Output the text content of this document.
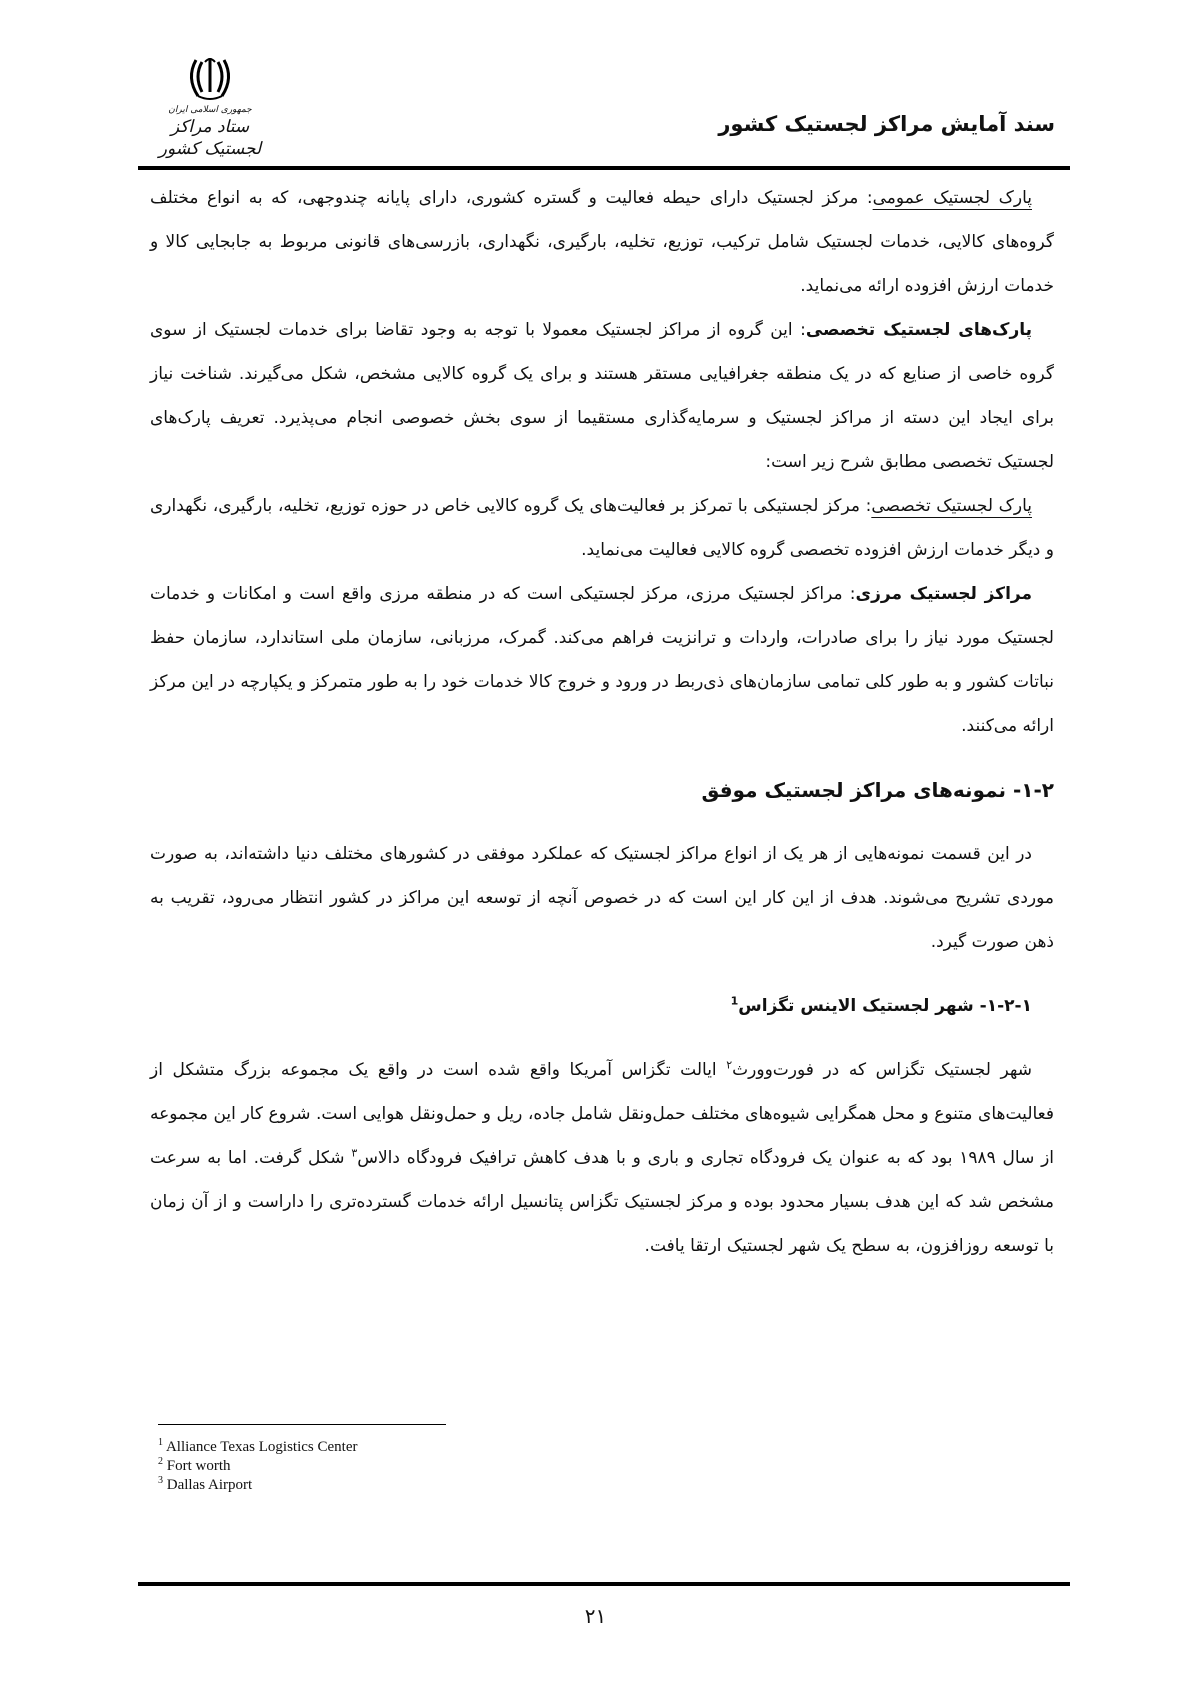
جمهوری اسلامی ایران
ستاد مراکز لجستیک کشور
سند آمایش مراکز لجستیک کشور

پارک لجستیک عمومی: مرکز لجستیک دارای حیطه فعالیت و گستره کشوری، دارای پایانه چندوجهی، که به انواع مختلف گروه‌های کالایی، خدمات لجستیک شامل ترکیب، توزیع، تخلیه، بارگیری، نگهداری، بازرسی‌های قانونی مربوط به جابجایی کالا و خدمات ارزش افزوده ارائه می‌نماید.

پارک‌های لجستیک تخصصی: این گروه از مراکز لجستیک معمولا با توجه به وجود تقاضا برای خدمات لجستیک از سوی گروه خاصی از صنایع که در یک منطقه جغرافیایی مستقر هستند و برای یک گروه کالایی مشخص، شکل می‌گیرند. شناخت نیاز برای ایجاد این دسته از مراکز لجستیک و سرمایه‌گذاری مستقیما از سوی بخش خصوصی انجام می‌پذیرد. تعریف پارک‌های لجستیک تخصصی مطابق شرح زیر است:

پارک لجستیک تخصصی: مرکز لجستیکی با تمرکز بر فعالیت‌های یک گروه کالایی خاص در حوزه توزیع، تخلیه، بارگیری، نگهداری و دیگر خدمات ارزش افزوده تخصصی گروه کالایی فعالیت می‌نماید.

مراکز لجستیک مرزی: مراکز لجستیک مرزی، مرکز لجستیکی است که در منطقه مرزی واقع است و امکانات و خدمات لجستیک مورد نیاز را برای صادرات، واردات و ترانزیت فراهم می‌کند. گمرک، مرزبانی، سازمان ملی استاندارد، سازمان حفظ نباتات کشور و به طور کلی تمامی سازمان‌های ذی‌ربط در ورود و خروج کالا خدمات خود را به طور متمرکز و یکپارچه در این مرکز ارائه می‌کنند.

۱-۲- نمونه‌های مراکز لجستیک موفق

در این قسمت نمونه‌هایی از هر یک از انواع مراکز لجستیک که عملکرد موفقی در کشورهای مختلف دنیا داشته‌اند، به صورت موردی تشریح می‌شوند. هدف از این کار این است که در خصوص آنچه از توسعه این مراکز در کشور انتظار می‌رود، تقریب به ذهن صورت گیرد.

۱-۲-۱- شهر لجستیک الاینس تگزاس$^1$

شهر لجستیک تگزاس که در فورت‌وورث$^۲$ ایالت تگزاس آمریکا واقع شده است در واقع یک مجموعه بزرگ متشکل از فعالیت‌های متنوع و محل همگرایی شیوه‌های مختلف حمل‌ونقل شامل جاده، ریل و حمل‌ونقل هوایی است. شروع کار این مجموعه از سال ۱۹۸۹ بود که به عنوان یک فرودگاه تجاری و باری و با هدف کاهش ترافیک فرودگاه دالاس$^۳$ شکل گرفت. اما به سرعت مشخص شد که این هدف بسیار محدود بوده و مرکز لجستیک تگزاس پتانسیل ارائه خدمات گسترده‌تری را داراست و از آن زمان با توسعه روزافزون، به سطح یک شهر لجستیک ارتقا یافت.

$^1$ Alliance Texas Logistics Center
$^2$ Fort worth
$^3$ Dallas Airport
۲۱
